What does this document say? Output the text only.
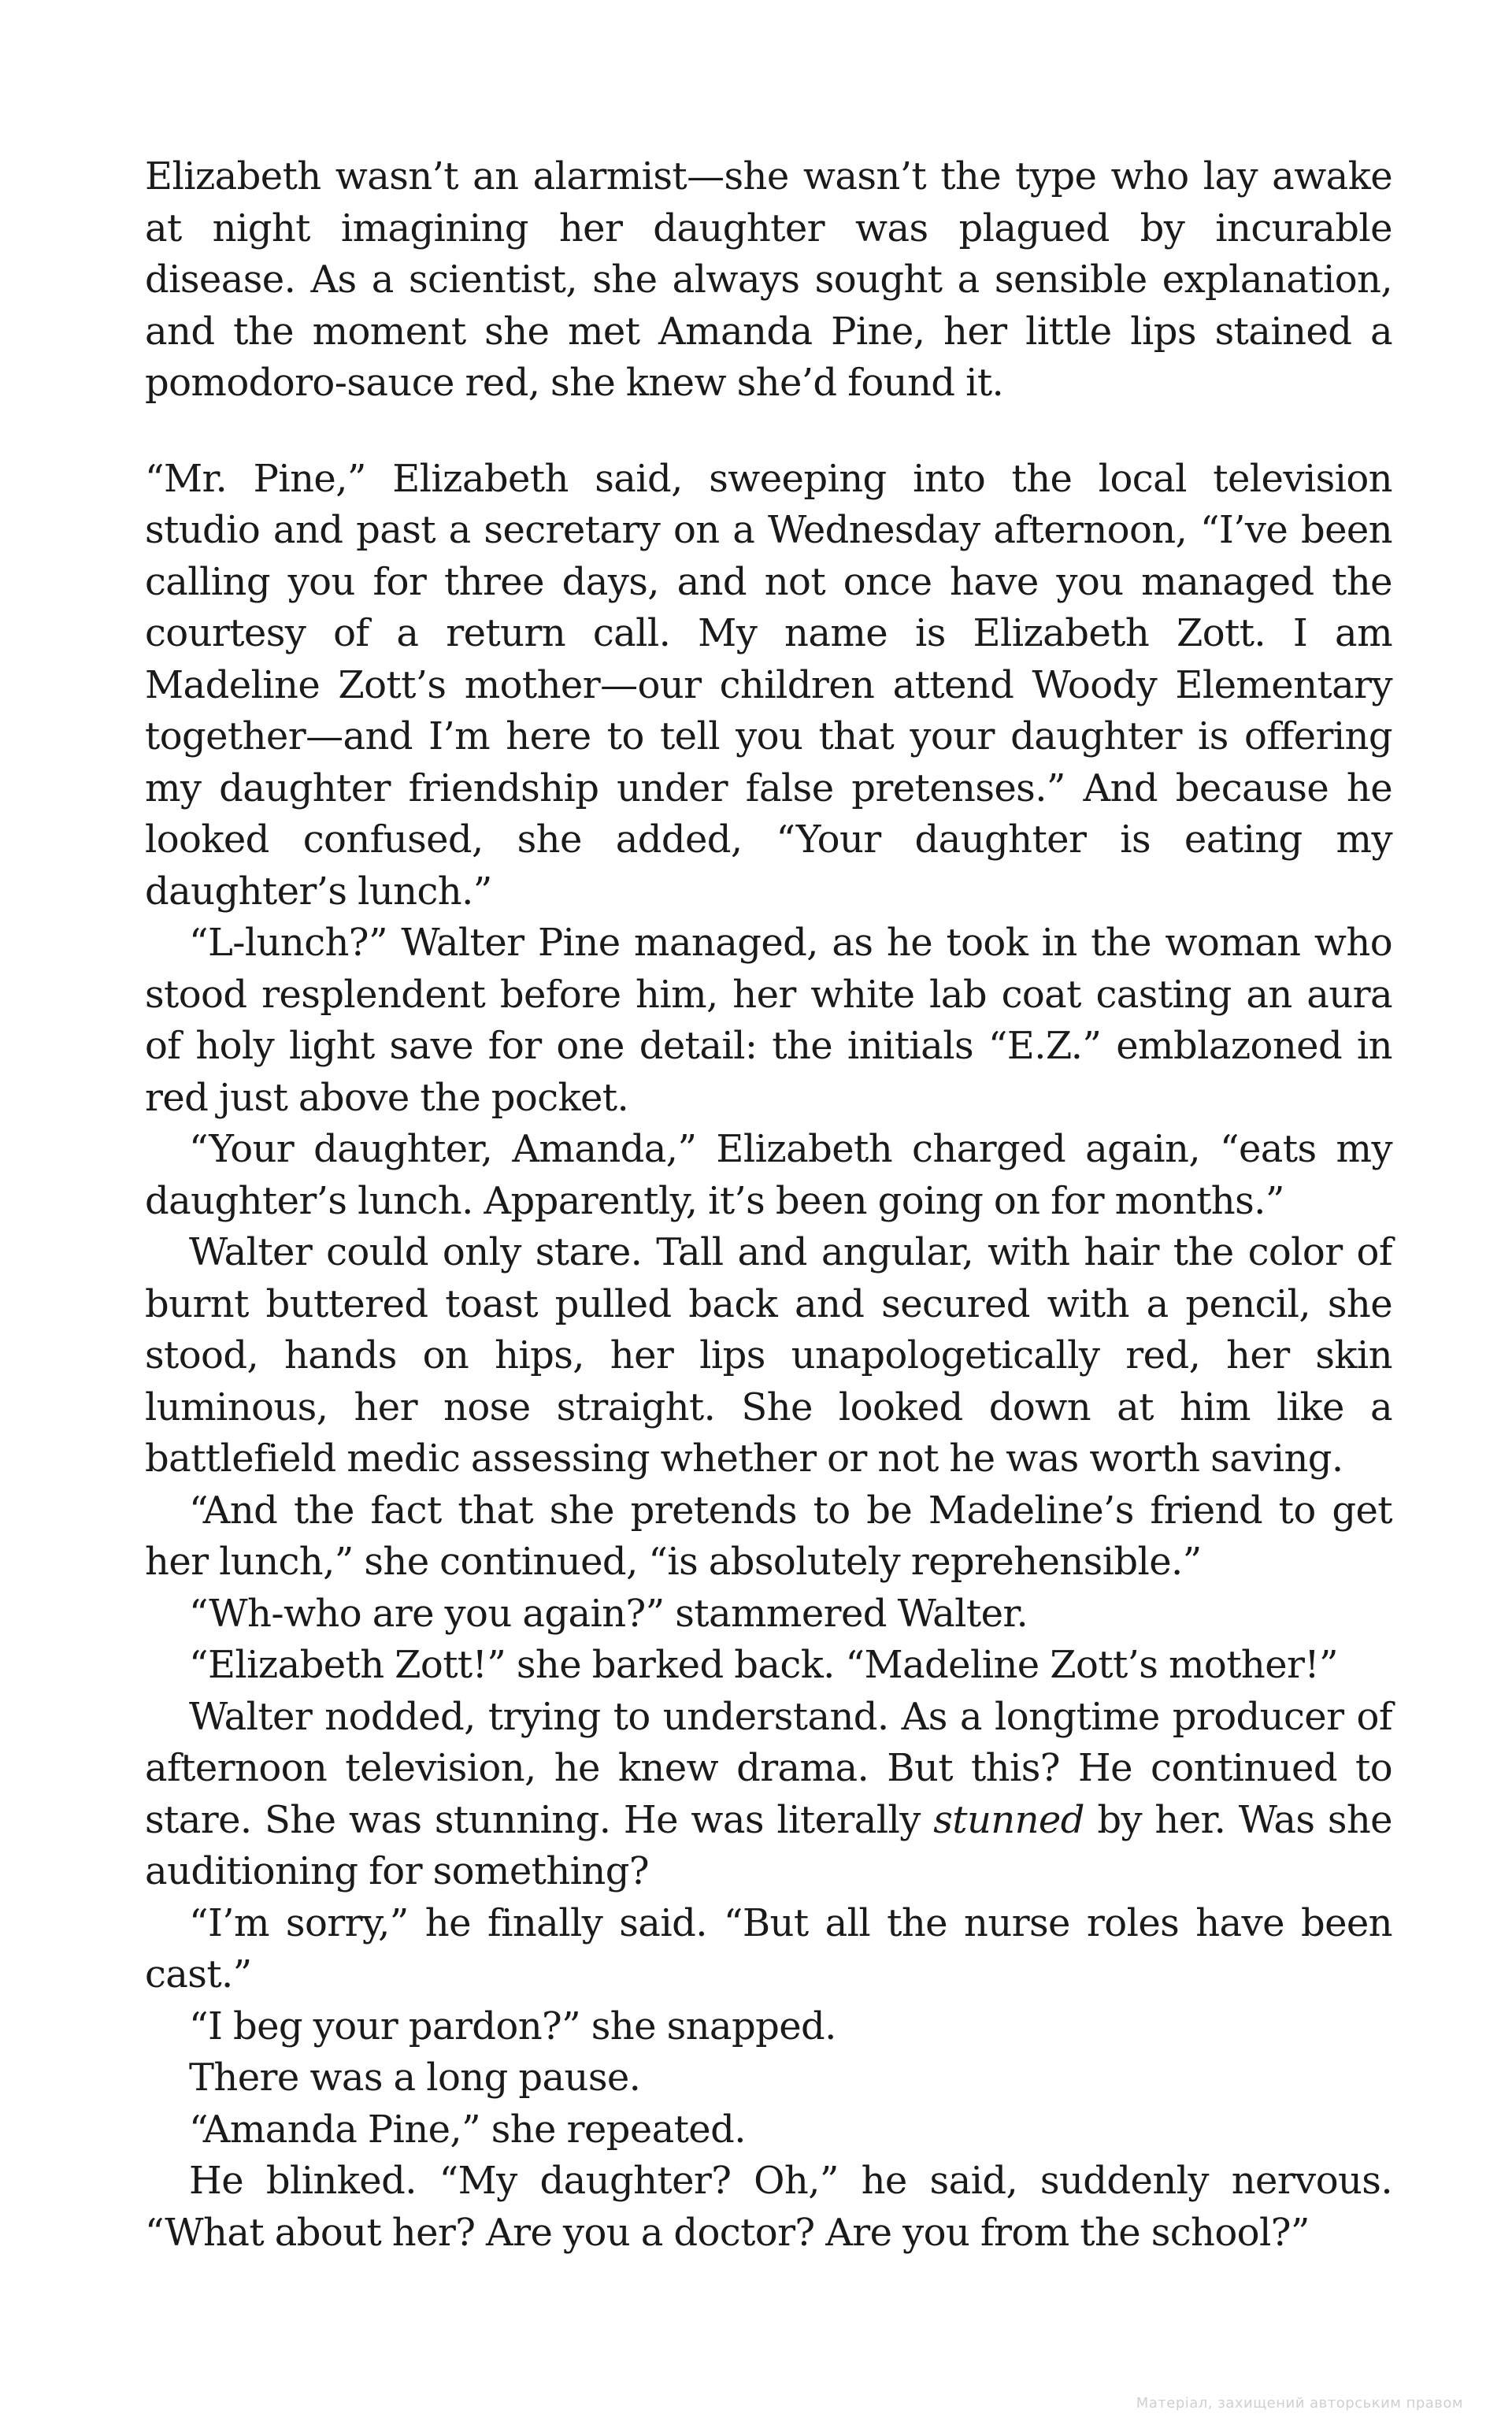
Elizabeth wasn’t an alarmist—she wasn’t the type who lay awake at night imagining her daughter was plagued by incurable disease. As a scientist, she always sought a sensible explanation, and the moment she met Amanda Pine, her little lips stained a pomodoro-sauce red, she knew she’d found it.

“Mr. Pine,” Elizabeth said, sweeping into the local television studio and past a secretary on a Wednesday afternoon, “I’ve been calling you for three days, and not once have you managed the courtesy of a return call. My name is Elizabeth Zott. I am Madeline Zott’s mother—our children attend Woody Elementary together—and I’m here to tell you that your daughter is offering my daughter friendship under false pretenses.” And because he looked confused, she added, “Your daughter is eating my daughter’s lunch.”

“L-lunch?” Walter Pine managed, as he took in the woman who stood resplendent before him, her white lab coat casting an aura of holy light save for one detail: the initials “E.Z.” emblazoned in red just above the pocket.

“Your daughter, Amanda,” Elizabeth charged again, “eats my daughter’s lunch. Apparently, it’s been going on for months.”

Walter could only stare. Tall and angular, with hair the color of burnt buttered toast pulled back and secured with a pencil, she stood, hands on hips, her lips unapologetically red, her skin luminous, her nose straight. She looked down at him like a battlefield medic assessing whether or not he was worth saving.

“And the fact that she pretends to be Madeline’s friend to get her lunch,” she continued, “is absolutely reprehensible.”

“Wh-who are you again?” stammered Walter.

“Elizabeth Zott!” she barked back. “Madeline Zott’s mother!”

Walter nodded, trying to understand. As a longtime producer of afternoon television, he knew drama. But this? He continued to stare. She was stunning. He was literally stunned by her. Was she auditioning for something?

“I’m sorry,” he finally said. “But all the nurse roles have been cast.”

“I beg your pardon?” she snapped.

There was a long pause.

“Amanda Pine,” she repeated.

He blinked. “My daughter? Oh,” he said, suddenly nervous. “What about her? Are you a doctor? Are you from the school?”

Матеріал, захищений авторським правом
